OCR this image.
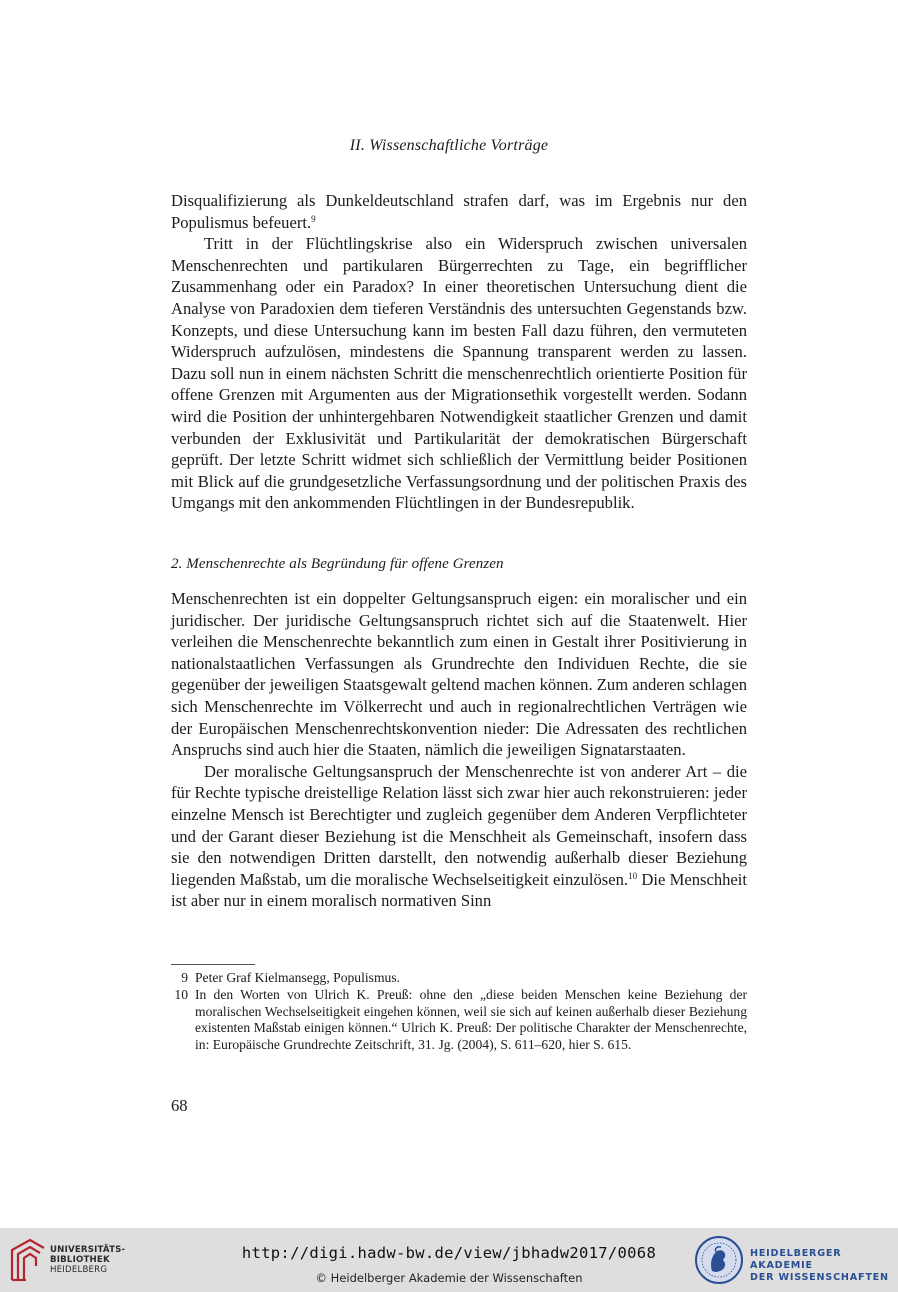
II. Wissenschaftliche Vorträge

Disqualifizierung als Dunkeldeutschland strafen darf, was im Ergebnis nur den Populismus befeuert.$^9$

Tritt in der Flüchtlingskrise also ein Widerspruch zwischen universalen Menschenrechten und partikularen Bürgerrechten zu Tage, ein begrifflicher Zusammenhang oder ein Paradox? In einer theoretischen Untersuchung dient die Analyse von Paradoxien dem tieferen Verständnis des untersuchten Gegenstands bzw. Konzepts, und diese Untersuchung kann im besten Fall dazu führen, den vermuteten Widerspruch aufzulösen, mindestens die Spannung transparent werden zu lassen. Dazu soll nun in einem nächsten Schritt die menschenrechtlich orientierte Position für offene Grenzen mit Argumenten aus der Migrationsethik vorgestellt werden. Sodann wird die Position der unhintergehbaren Notwendigkeit staatlicher Grenzen und damit verbunden der Exklusivität und Partikularität der demokratischen Bürgerschaft geprüft. Der letzte Schritt widmet sich schließlich der Vermittlung beider Positionen mit Blick auf die grundgesetzliche Verfassungsordnung und der politischen Praxis des Umgangs mit den ankommenden Flüchtlingen in der Bundesrepublik.

2. Menschenrechte als Begründung für offene Grenzen

Menschenrechten ist ein doppelter Geltungsanspruch eigen: ein moralischer und ein juridischer. Der juridische Geltungsanspruch richtet sich auf die Staatenwelt. Hier verleihen die Menschenrechte bekanntlich zum einen in Gestalt ihrer Positivierung in nationalstaatlichen Verfassungen als Grundrechte den Individuen Rechte, die sie gegenüber der jeweiligen Staatsgewalt geltend machen können. Zum anderen schlagen sich Menschenrechte im Völkerrecht und auch in regionalrechtlichen Verträgen wie der Europäischen Menschenrechtskonvention nieder: Die Adressaten des rechtlichen Anspruchs sind auch hier die Staaten, nämlich die jeweiligen Signatarstaaten.

Der moralische Geltungsanspruch der Menschenrechte ist von anderer Art – die für Rechte typische dreistellige Relation lässt sich zwar hier auch rekonstruieren: jeder einzelne Mensch ist Berechtigter und zugleich gegenüber dem Anderen Verpflichteter und der Garant dieser Beziehung ist die Menschheit als Gemeinschaft, insofern dass sie den notwendigen Dritten darstellt, den notwendig außerhalb dieser Beziehung liegenden Maßstab, um die moralische Wechselseitigkeit einzulösen.$^{10}$ Die Menschheit ist aber nur in einem moralisch normativen Sinn

9 Peter Graf Kielmansegg, Populismus.
10 In den Worten von Ulrich K. Preuß: ohne den „diese beiden Menschen keine Beziehung der moralischen Wechselseitigkeit eingehen können, weil sie sich auf keinen außerhalb dieser Beziehung existenten Maßstab einigen können.“ Ulrich K. Preuß: Der politische Charakter der Menschenrechte, in: Europäische Grundrechte Zeitschrift, 31. Jg. (2004), S. 611–620, hier S. 615.
68
UNIVERSITÄTS-
BIBLIOTHEK
HEIDELBERG
http://digi.hadw-bw.de/view/jbhadw2017/0068
© Heidelberger Akademie der Wissenschaften
HEIDELBERGER AKADEMIE
DER WISSENSCHAFTEN
